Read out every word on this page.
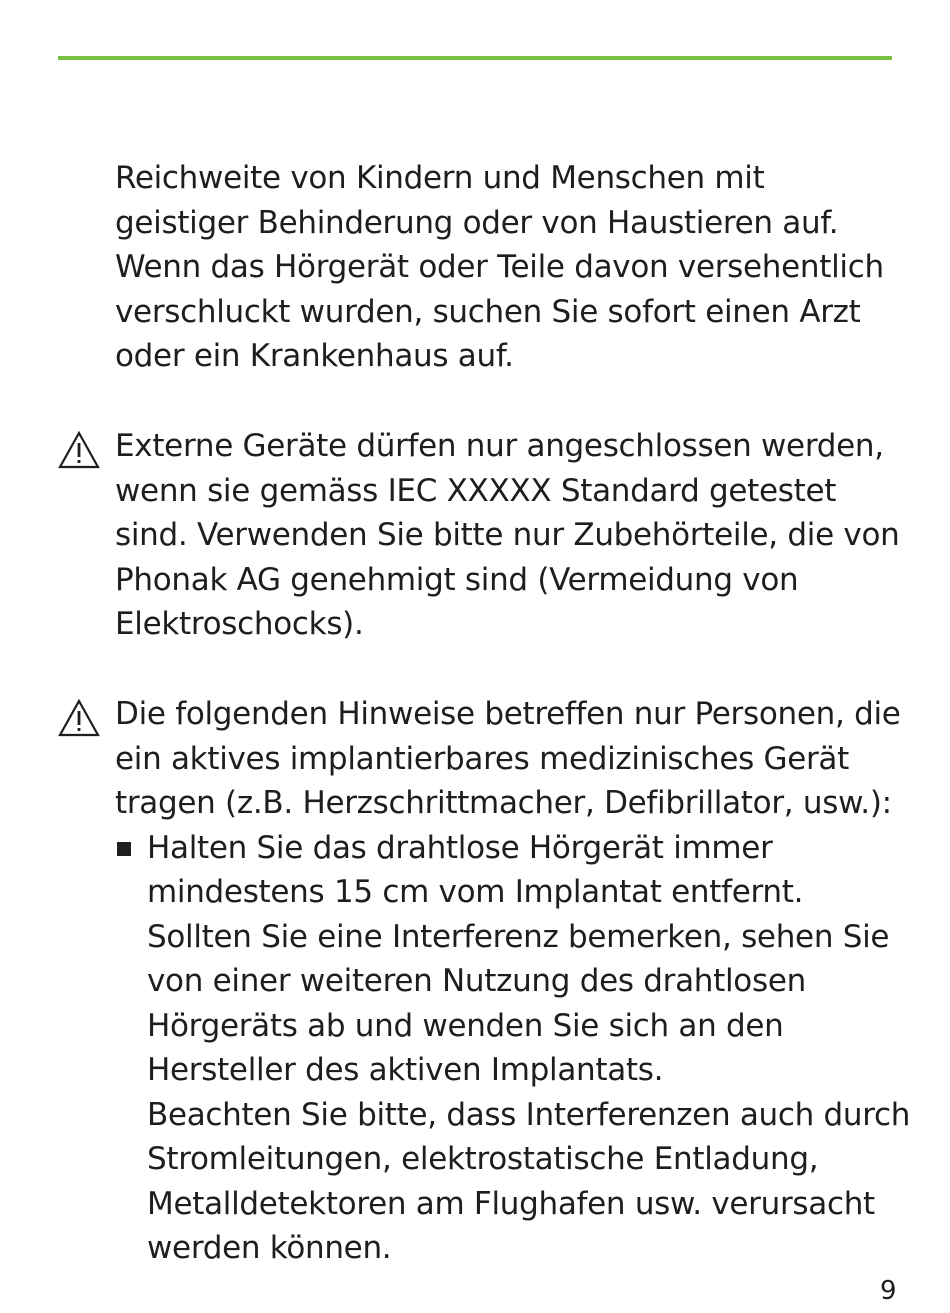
Reichweite von Kindern und Menschen mit geistiger Behinderung oder von Haustieren auf. Wenn das Hörgerät oder Teile davon versehentlich verschluckt wurden, suchen Sie sofort einen Arzt oder ein Krankenhaus auf.
Externe Geräte dürfen nur angeschlossen werden, wenn sie gemäss IEC XXXXX Standard getestet sind. Verwenden Sie bitte nur Zubehörteile, die von Phonak AG genehmigt sind (Vermeidung von Elektroschocks).
Die folgenden Hinweise betreffen nur Personen, die ein aktives implantierbares medizinisches Gerät tragen (z.B. Herzschrittmacher, Defibrillator, usw.):
Halten Sie das drahtlose Hörgerät immer mindestens 15 cm vom Implantat entfernt. Sollten Sie eine Interferenz bemerken, sehen Sie von einer weiteren Nutzung des drahtlosen Hörgeräts ab und wenden Sie sich an den Hersteller des aktiven Implantats.
Beachten Sie bitte, dass Interferenzen auch durch Stromleitungen, elektrostatische Entladung, Metalldetektoren am Flughafen usw. verursacht werden können.
9
